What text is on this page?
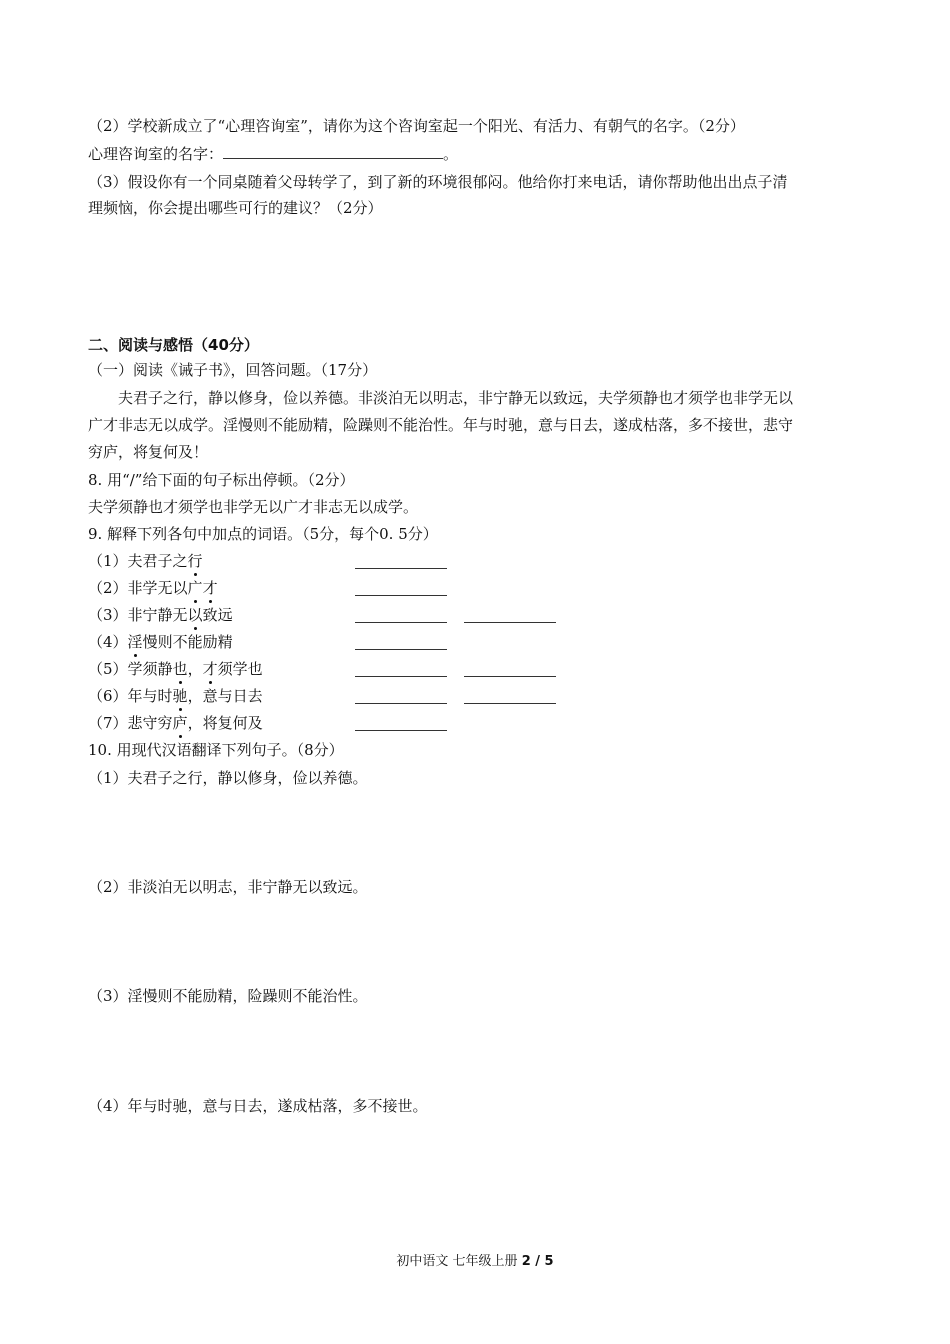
（2）学校新成立了“心理咨询室”，请你为这个咨询室起一个阳光、有活力、有朝气的名字。（2分）
心理咨询室的名字：	。
（3）假设你有一个同桌随着父母转学了，到了新的环境很郁闷。他给你打来电话，请你帮助他出出点子清
理频恼，你会提出哪些可行的建议？（2分）
二、阅读与感悟（40分）
（一）阅读《诫子书》，回答问题。（17分）
夫君子之行，静以修身，俭以养德。非淡泊无以明志，非宁静无以致远，夫学须静也才须学也非学无以
广才非志无以成学。淫慢则不能励精，险躁则不能治性。年与时驰，意与日去，遂成枯落，多不接世，悲守
穷庐，将复何及！
8. 用“/”给下面的句子标出停顿。（2分）
夫学须静也才须学也非学无以广才非志无以成学。
9. 解释下列各句中加点的词语。（5分，每个0. 5分）
（1）夫君子之行
（2）非学无以广才
（3）非宁静无以致远
（4）淫慢则不能励精
（5）学须静也，才须学也
（6）年与时驰，意与日去
（7）悲守穷庐，将复何及
10. 用现代汉语翻译下列句子。（8分）
（1）夫君子之行，静以修身，俭以养德。
（2）非淡泊无以明志，非宁静无以致远。
（3）淫慢则不能励精，险躁则不能治性。
（4）年与时驰，意与日去，遂成枯落，多不接世。
初中语文 七年级上册 2 / 5
